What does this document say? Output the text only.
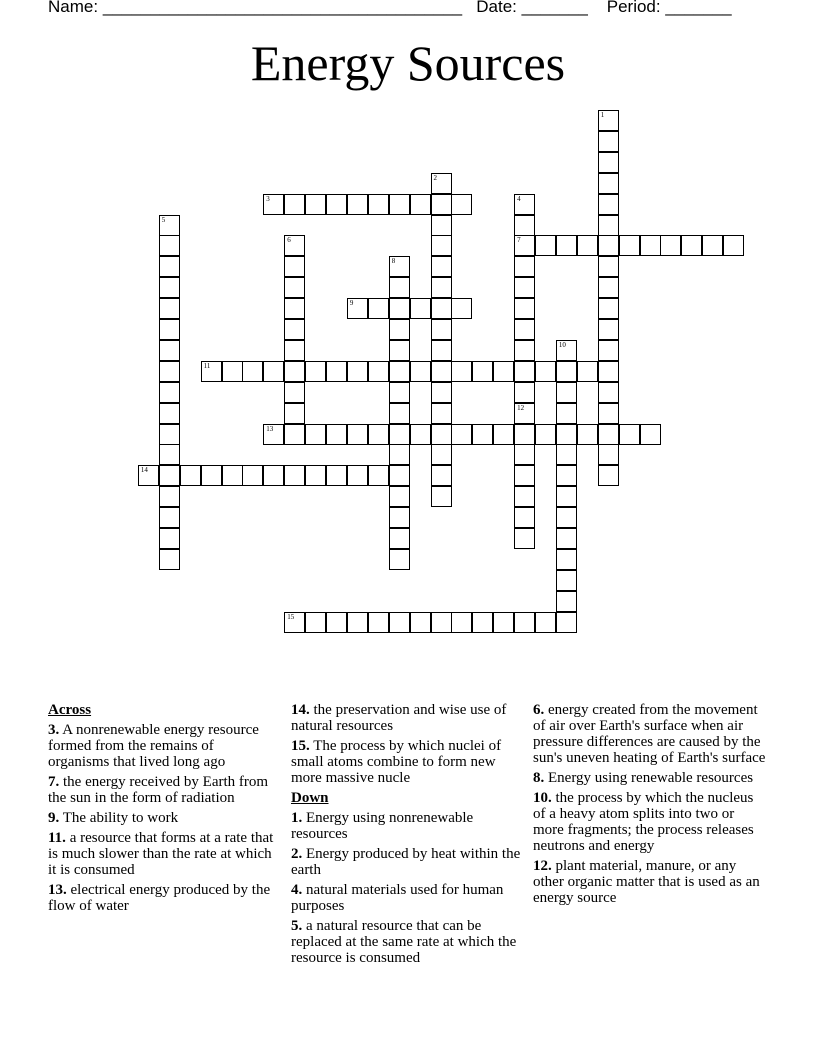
Name: ______________________________________ Date: _______ Period: _______
Energy Sources
1
2
3	4
7
12
5
6
8
9
10
11
13
14
15
Across
3. A nonrenewable energy resource formed from the remains of organisms that lived long ago
7. the energy received by Earth from the sun in the form of radiation
9. The ability to work
11. a resource that forms at a rate that is much slower than the rate at which it is consumed
13. electrical energy produced by the flow of water
14. the preservation and wise use of natural resources
15. The process by which nuclei of small atoms combine to form new more massive nucle
Down
1. Energy using nonrenewable resources
2. Energy produced by heat within the earth
4. natural materials used for human purposes
5. a natural resource that can be replaced at the same rate at which the resource is consumed
6. energy created from the movement of air over Earth's surface when air pressure differences are caused by the sun's uneven heating of Earth's surface
8. Energy using renewable resources
10. the process by which the nucleus of a heavy atom splits into two or more fragments; the process releases neutrons and energy
12. plant material, manure, or any other organic matter that is used as an energy source
